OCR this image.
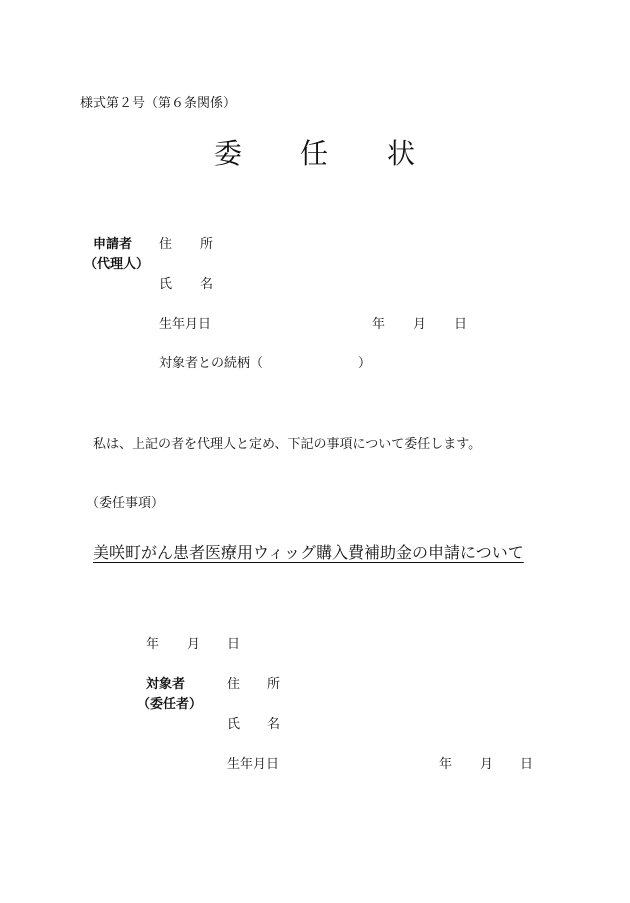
様式第２号（第６条関係）
委 任 状
申請者
（代理人）
住 所
氏 名
生年月日	年 月 日
対象者との続柄（	）
私は、上記の者を代理人と定め、下記の事項について委任します。
（委任事項）
美咲町がん患者医療用ウィッグ購入費補助金の申請について
年 月 日
対象者
（委任者）
住 所
氏 名
生年月日	年 月 日
